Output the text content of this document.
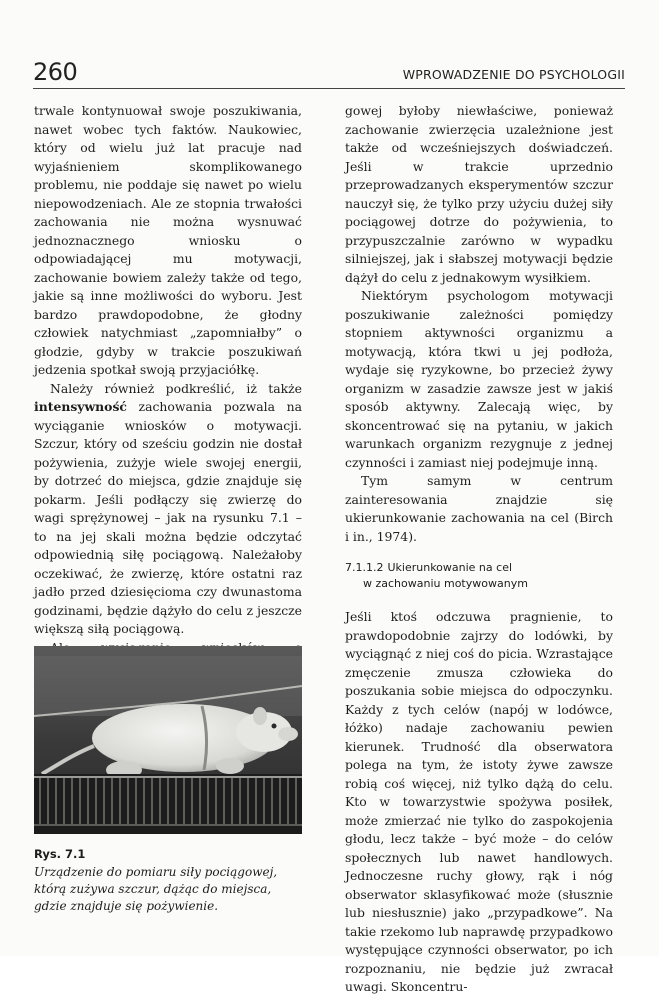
260	WPROWADZENIE DO PSYCHOLOGII

trwale kontynuował swoje poszukiwania, nawet wobec tych faktów. Naukowiec, który od wielu już lat pracuje nad wyjaśnieniem skomplikowanego problemu, nie poddaje się nawet po wielu niepowodzeniach. Ale ze stopnia trwałości zachowania nie można wysnuwać jednoznacznego wniosku o odpowiadającej mu motywacji, zachowanie bowiem zależy także od tego, jakie są inne możliwości do wyboru. Jest bardzo prawdopodobne, że głodny człowiek natychmiast „zapomniałby” o głodzie, gdyby w trakcie poszukiwań jedzenia spotkał swoją przyjaciółkę.

Należy również podkreślić, iż także intensywność zachowania pozwala na wyciąganie wniosków o motywacji. Szczur, który od sześciu godzin nie dostał pożywienia, zużyje wiele swojej energii, by dotrzeć do miejsca, gdzie znajduje się pokarm. Jeśli podłączy się zwierzę do wagi sprężynowej – jak na rysunku 7.1 – to na jej skali można będzie odczytać odpowiednią siłę pociągową. Należałoby oczekiwać, że zwierzę, które ostatni raz jadło przed dziesięcioma czy dwunastoma godzinami, będzie dążyło do celu z jeszcze większą siłą pociągową.

Rys. 7.1
Urządzenie do pomiaru siły pociągowej, którą zużywa szczur, dążąc do miejsca, gdzie znajduje się pożywienie.

gowej byłoby niewłaściwe, ponieważ zachowanie zwierzęcia uzależnione jest także od wcześniejszych doświadczeń. Jeśli w trakcie uprzednio przeprowadzanych eksperymentów szczur nauczył się, że tylko przy użyciu dużej siły pociągowej dotrze do pożywienia, to przypuszczalnie zarówno w wypadku silniejszej, jak i słabszej motywacji będzie dążył do celu z jednakowym wysiłkiem.

Niektórym psychologom motywacji poszukiwanie zależności pomiędzy stopniem aktywności organizmu a motywacją, która tkwi u jej podłoża, wydaje się ryzykowne, bo przecież żywy organizm w zasadzie zawsze jest w jakiś sposób aktywny. Zalecają więc, by skoncentrować się na pytaniu, w jakich warunkach organizm rezygnuje z jednej czynności i zamiast niej podejmuje inną.

Tym samym w centrum zainteresowania znajdzie się ukierunkowanie zachowania na cel (Birch i in., 1974).

7.1.1.2 Ukierunkowanie na cel
w zachowaniu motywowanym

Jeśli ktoś odczuwa pragnienie, to prawdopodobnie zajrzy do lodówki, by wyciągnąć z niej coś do picia. Wzrastające zmęczenie zmusza człowieka do poszukania sobie miejsca do odpoczynku. Każdy z tych celów (napój w lodówce, łóżko) nadaje zachowaniu pewien kierunek. Trudność dla obserwatora polega na tym, że istoty żywe zawsze robią coś więcej, niż tylko dążą do celu. Kto w towarzystwie spożywa posiłek, może zmierzać nie tylko do zaspokojenia głodu, lecz także – być może – do celów społecznych lub nawet handlowych. Jednoczesne ruchy głowy, rąk i nóg obserwator sklasyfikować może (słusznie lub niesłusznie) jako „przypadkowe”. Na takie rzekomo lub naprawdę przypadkowo występujące czynności obserwator, po ich rozpoznaniu, nie będzie już zwracał uwagi. Skoncentru-
